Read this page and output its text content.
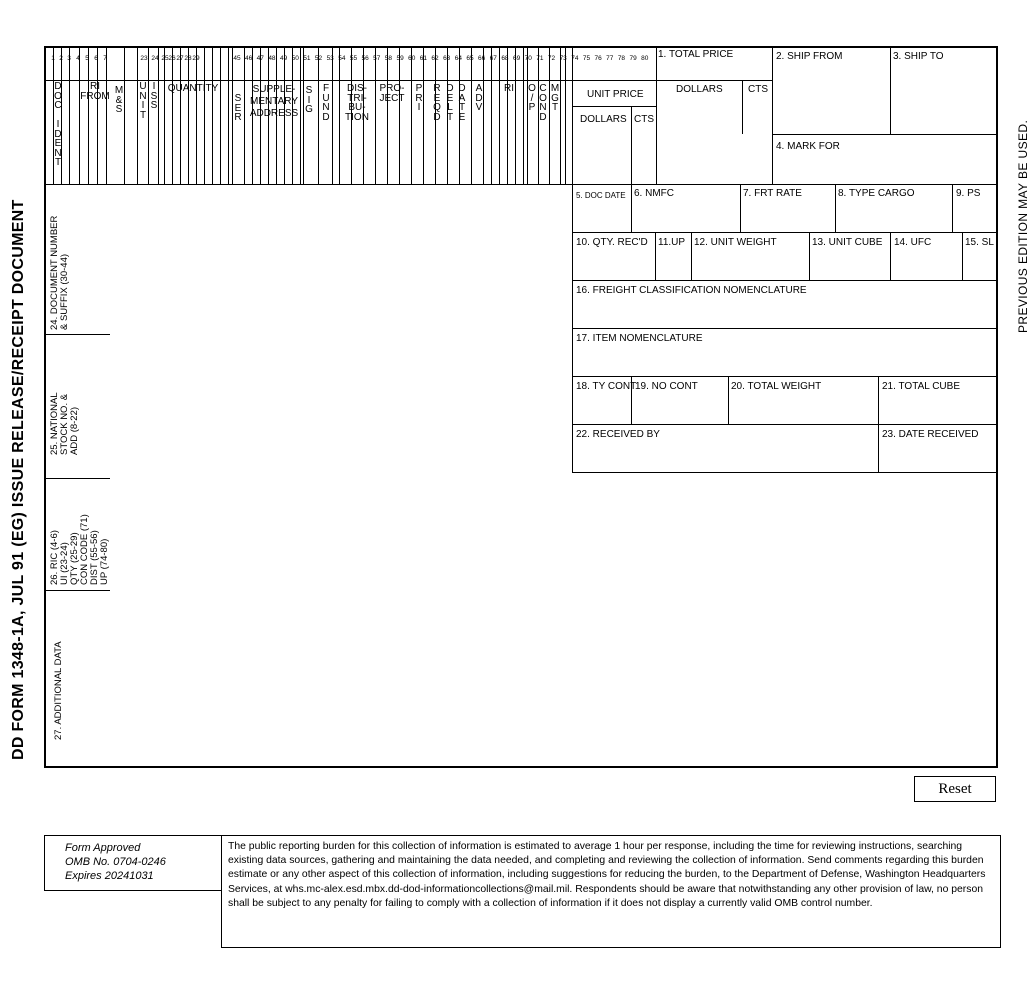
DD FORM 1348-1A, JUL 91 (EG) ISSUE RELEASE/RECEIPT DOCUMENT	PREVIOUS EDITION MAY BE USED.
1 2 3 4 5 6 7	23 24 25 26 27 28 29	45 46 47 48 49 50 51 52 53 54 55 56 57 58 59 60 61 62 63 64 65 66 67 68 69 70 71 72 73 74 75 76 77 78 79 80
D
O
C

I
D
E
N
T
RI
FROM M
&
S
U
N
I
T
I
S
S
QUANTITY
S
E
R
SUPPLE-
MENTARY
ADDRESS
S
I
G
F
U
N
D
DIS-
TRI-
BU-
TION
PRO-
JECT
P
R
I
R
E
Q
D
D
E
L
T
D
A
T
E
A
D
V
RI	O
/
P
C
O
N
D
M
G
T
UNIT PRICE
DOLLARS CTS
1. TOTAL PRICE
DOLLARS	CTS
2. SHIP FROM	3. SHIP TO
4. MARK FOR
5. DOC DATE 6. NMFC	7. FRT RATE	8. TYPE CARGO	9. PS
10. QTY. REC'D 11.UP 12. UNIT WEIGHT	13. UNIT CUBE 14. UFC	15. SL
16. FREIGHT CLASSIFICATION NOMENCLATURE
17. ITEM NOMENCLATURE
18. TY CONT
19. NO CONT	20. TOTAL WEIGHT	21. TOTAL CUBE
22. RECEIVED BY	23. DATE RECEIVED
24. DOCUMENT NUMBER
& SUFFIX (30-44)
25. NATIONAL
STOCK NO. &
ADD (8-22)
26. RIC (4-6)
UI (23-24)
QTY (25-29)
CON CODE (71)
DIST (55-56)
UP (74-80)
27. ADDITIONAL DATA
Reset
Form Approved
OMB No. 0704-0246
Expires 20241031
The public reporting burden for this collection of information is estimated to average 1 hour per response, including the time for reviewing instructions, searching existing data sources, gathering and maintaining the data needed, and completing and reviewing the collection of information. Send comments regarding this burden estimate or any other aspect of this collection of information, including suggestions for reducing the burden, to the Department of Defense, Washington Headquarters Services, at whs.mc-alex.esd.mbx.dd-dod-informationcollections@mail.mil. Respondents should be aware that notwithstanding any other provision of law, no person shall be subject to any penalty for failing to comply with a collection of information if it does not display a currently valid OMB control number.
